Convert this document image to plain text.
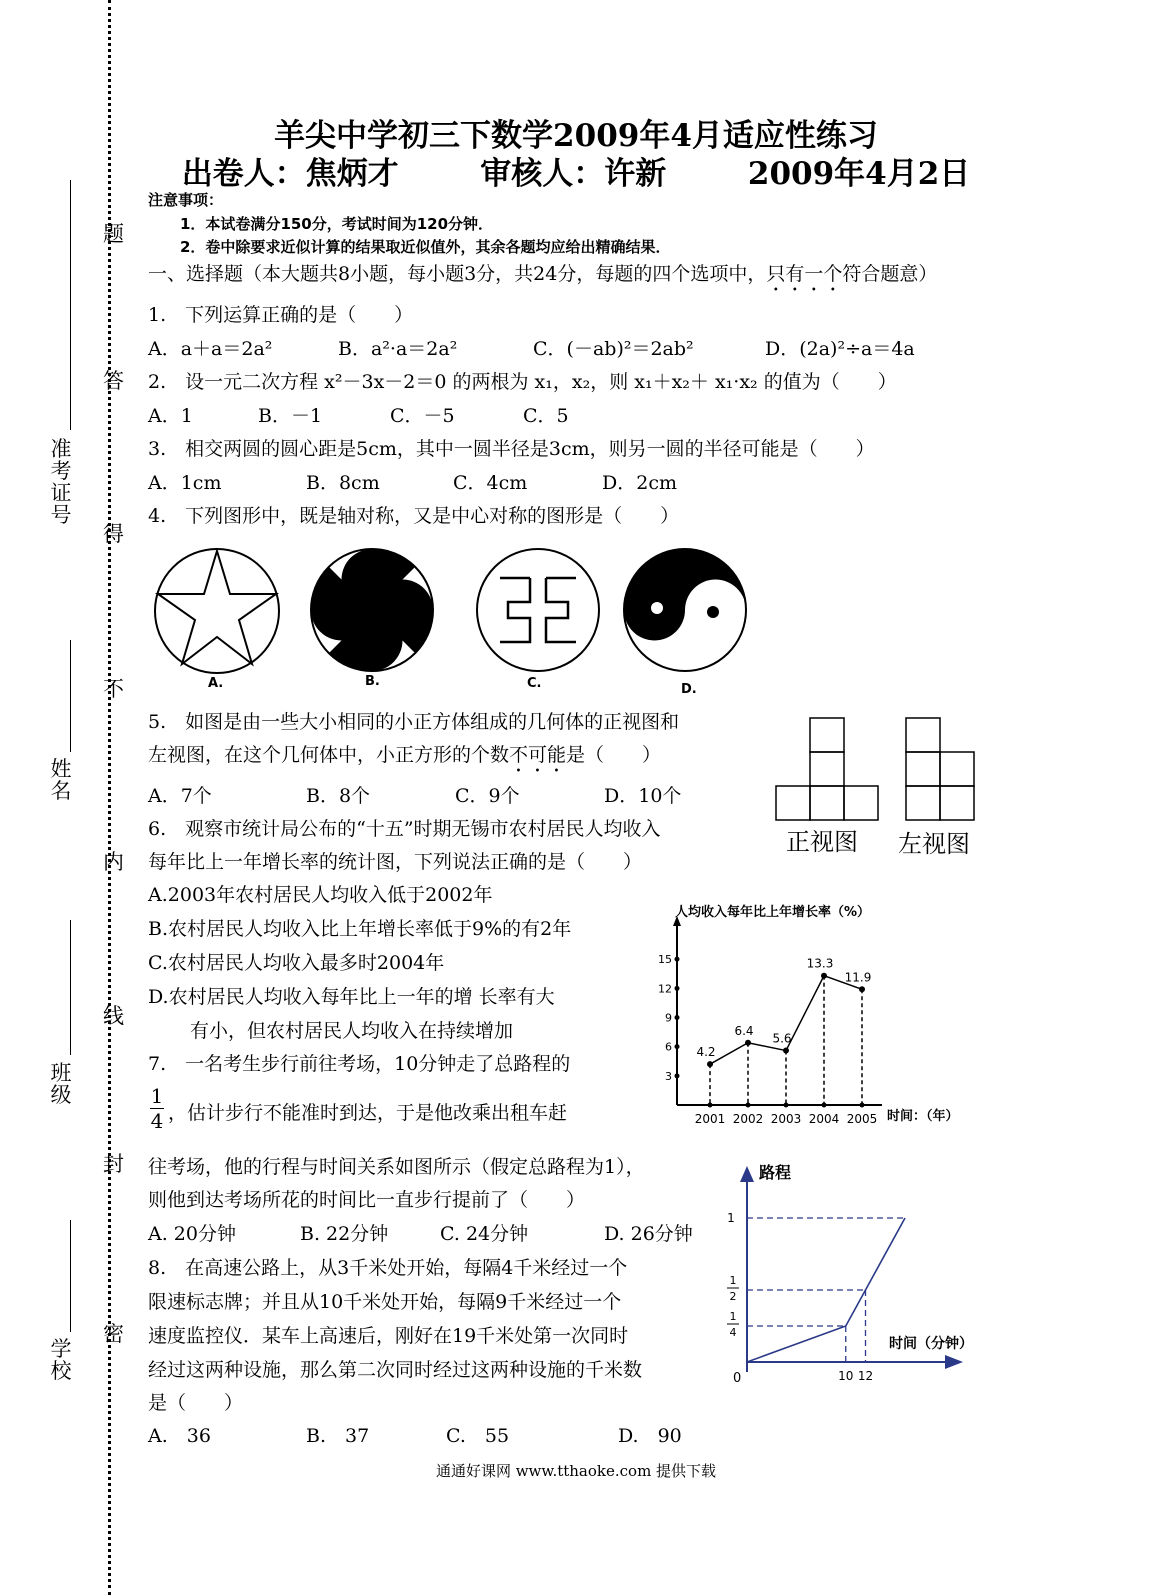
准考证号
姓名
班级
学校
题
答
得
不
内
线
封
密
羊尖中学初三下数学2009年4月适应性练习
出卷人：焦炳才	审核人：许新	2009年4月2日
注意事项：
1．本试卷满分150分，考试时间为120分钟．
2．卷中除要求近似计算的结果取近似值外，其余各题均应给出精确结果．
一、选择题（本大题共8小题，每小题3分，共24分，每题的四个选项中，只有一个符合题意）
1.　下列运算正确的是（　　）
A．a＋a＝2a²	B．a²·a＝2a²	C．(－ab)²＝2ab²	D．(2a)²÷a＝4a
2.　设一元二次方程 x²－3x－2＝0 的两根为 x₁，x₂，则 x₁＋x₂＋ x₁·x₂ 的值为（　　）
A．1	B．－1	C．－5	C．5
3.　相交两圆的圆心距是5cm，其中一圆半径是3cm，则另一圆的半径可能是（　　）
A．1cm	B．8cm	C．4cm	D．2cm
4.　下列图形中，既是轴对称，又是中心对称的图形是（　　）
A.	B.	C.	D.
5.　如图是由一些大小相同的小正方体组成的几何体的正视图和
左视图，在这个几何体中，小正方形的个数不可能是（　　）
A．7个	B．8个	C．9个	D．10个
正视图 左视图
6.　观察市统计局公布的“十五”时期无锡市农村居民人均收入
每年比上一年增长率的统计图，下列说法正确的是（　　）
A.2003年农村居民人均收入低于2002年
B.农村居民人均收入比上年增长率低于9%的有2年
C.农村居民人均收入最多时2004年
D.农村居民人均收入每年比上一年的增 长率有大
有小，但农村居民人均收入在持续增加
人均收入每年比上年增长率（%）
时间：（年）
3
6
9
12
15
2001 2002 2003 2004 2005
4.2
6.4
5.6
13.3
11.9
7.　一名考生步行前往考场，10分钟走了总路程的
$\frac{1}{4}$ ，估计步行不能准时到达，于是他改乘出租车赶
往考场，他的行程与时间关系如图所示（假定总路程为1），
则他到达考场所花的时间比一直步行提前了（　　）
A. 20分钟	B. 22分钟	C. 24分钟	D. 26分钟
路程
时间（分钟）
0
1
4
1
2
1
10 12
8.　在高速公路上，从3千米处开始，每隔4千米经过一个
限速标志牌；并且从10千米处开始，每隔9千米经过一个
速度监控仪．某车上高速后，刚好在19千米处第一次同时
经过这两种设施，那么第二次同时经过这两种设施的千米数
是（　　）
A.　36	B.　37	C.　55	D.　90
通通好课网 www.tthaoke.com 提供下载
